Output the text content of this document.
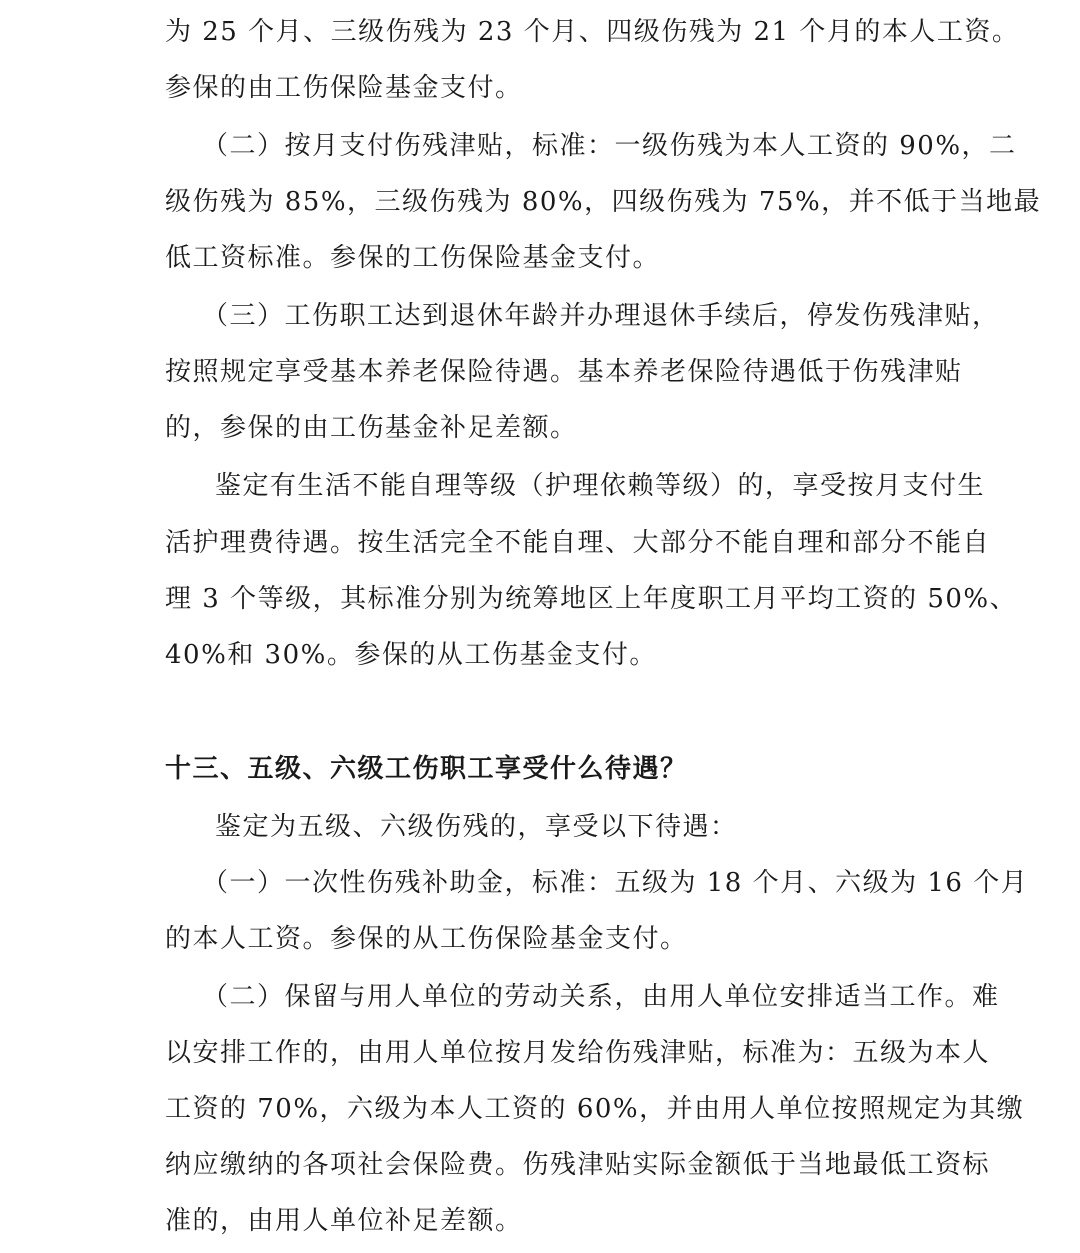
为 25 个月、三级伤残为 23 个月、四级伤残为 21 个月的本人工资。
参保的由工伤保险基金支付。
（二）按月支付伤残津贴，标准：一级伤残为本人工资的 90%，二
级伤残为 85%，三级伤残为 80%，四级伤残为 75%，并不低于当地最
低工资标准。参保的工伤保险基金支付。
（三）工伤职工达到退休年龄并办理退休手续后，停发伤残津贴，
按照规定享受基本养老保险待遇。基本养老保险待遇低于伤残津贴
的，参保的由工伤基金补足差额。
鉴定有生活不能自理等级（护理依赖等级）的，享受按月支付生
活护理费待遇。按生活完全不能自理、大部分不能自理和部分不能自
理 3 个等级，其标准分别为统筹地区上年度职工月平均工资的 50%、
40%和 30%。参保的从工伤基金支付。
十三、五级、六级工伤职工享受什么待遇？
鉴定为五级、六级伤残的，享受以下待遇：
（一）一次性伤残补助金，标准：五级为 18 个月、六级为 16 个月
的本人工资。参保的从工伤保险基金支付。
（二）保留与用人单位的劳动关系，由用人单位安排适当工作。难
以安排工作的，由用人单位按月发给伤残津贴，标准为：五级为本人
工资的 70%，六级为本人工资的 60%，并由用人单位按照规定为其缴
纳应缴纳的各项社会保险费。伤残津贴实际金额低于当地最低工资标
准的，由用人单位补足差额。
